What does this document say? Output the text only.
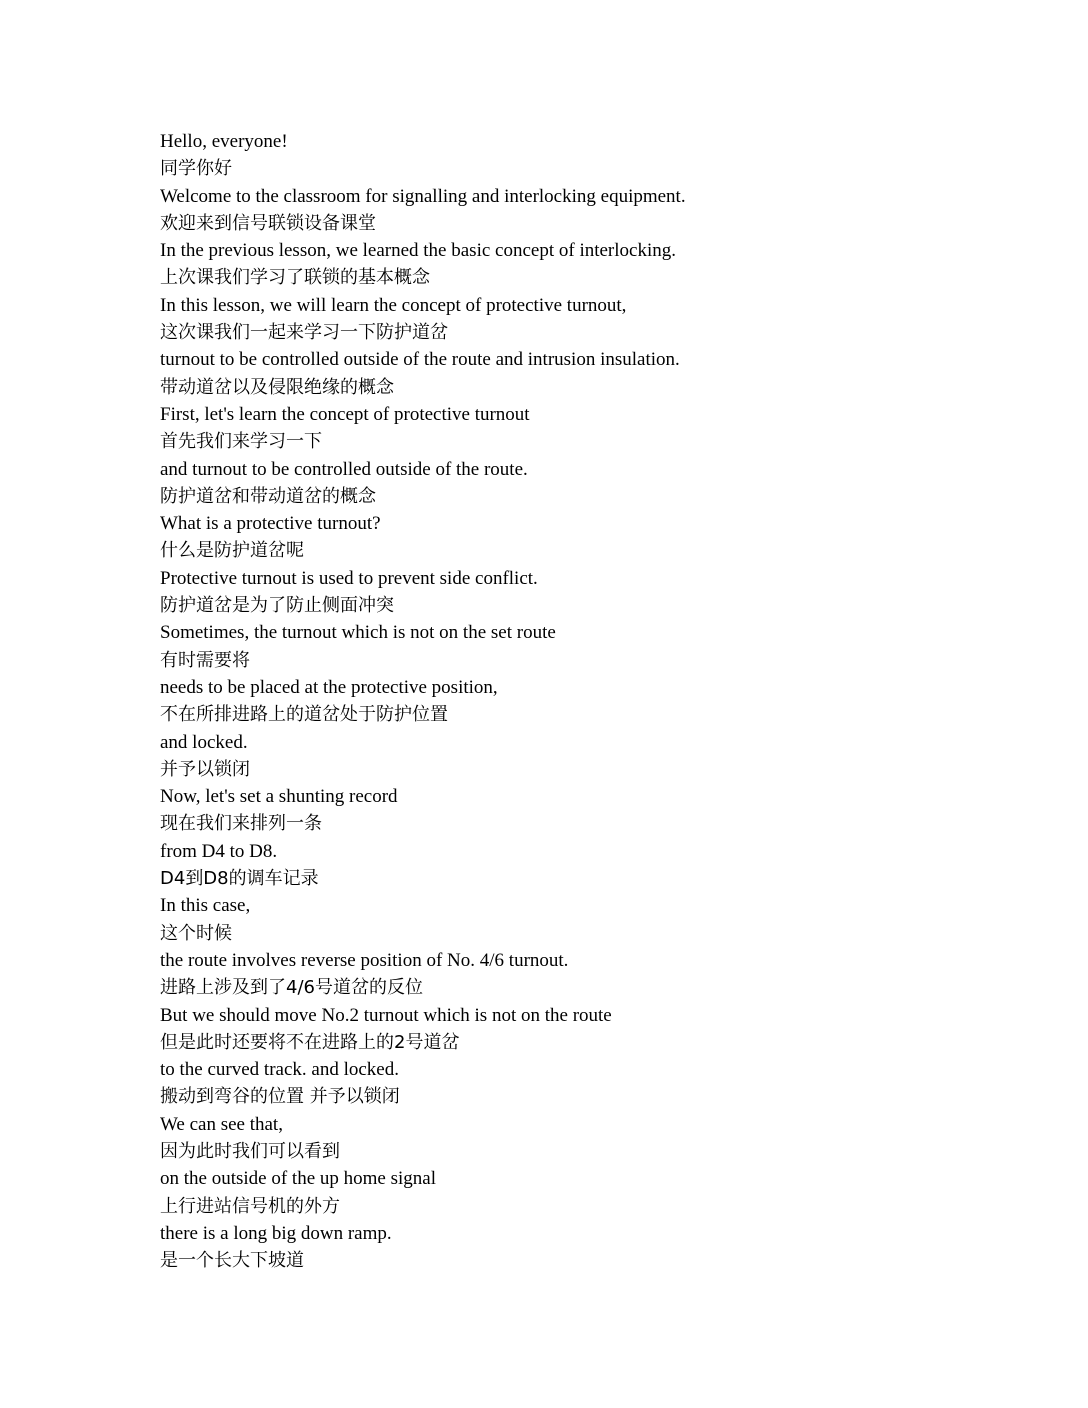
Hello, everyone!
同学你好
Welcome to the classroom for signalling and interlocking equipment.
欢迎来到信号联锁设备课堂
In the previous lesson, we learned the basic concept of interlocking.
上次课我们学习了联锁的基本概念
In this lesson, we will learn the concept of protective turnout,
这次课我们一起来学习一下防护道岔
turnout to be controlled outside of the route and intrusion insulation.
带动道岔以及侵限绝缘的概念
First, let's learn the concept of protective turnout
首先我们来学习一下
and turnout to be controlled outside of the route.
防护道岔和带动道岔的概念
What is a protective turnout?
什么是防护道岔呢
Protective turnout is used to prevent side conflict.
防护道岔是为了防止侧面冲突
Sometimes, the turnout which is not on the set route
有时需要将
needs to be placed at the protective position,
不在所排进路上的道岔处于防护位置
and locked.
并予以锁闭
Now, let's set a shunting record
现在我们来排列一条
from D4 to D8.
D4到D8的调车记录
In this case,
这个时候
the route involves reverse position of No. 4/6 turnout.
进路上涉及到了4/6号道岔的反位
But we should move No.2 turnout which is not on the route
但是此时还要将不在进路上的2号道岔
to the curved track. and locked.
搬动到弯谷的位置 并予以锁闭
We can see that,
因为此时我们可以看到
on the outside of the up home signal
上行进站信号机的外方
there is a long big down ramp.
是一个长大下坡道
